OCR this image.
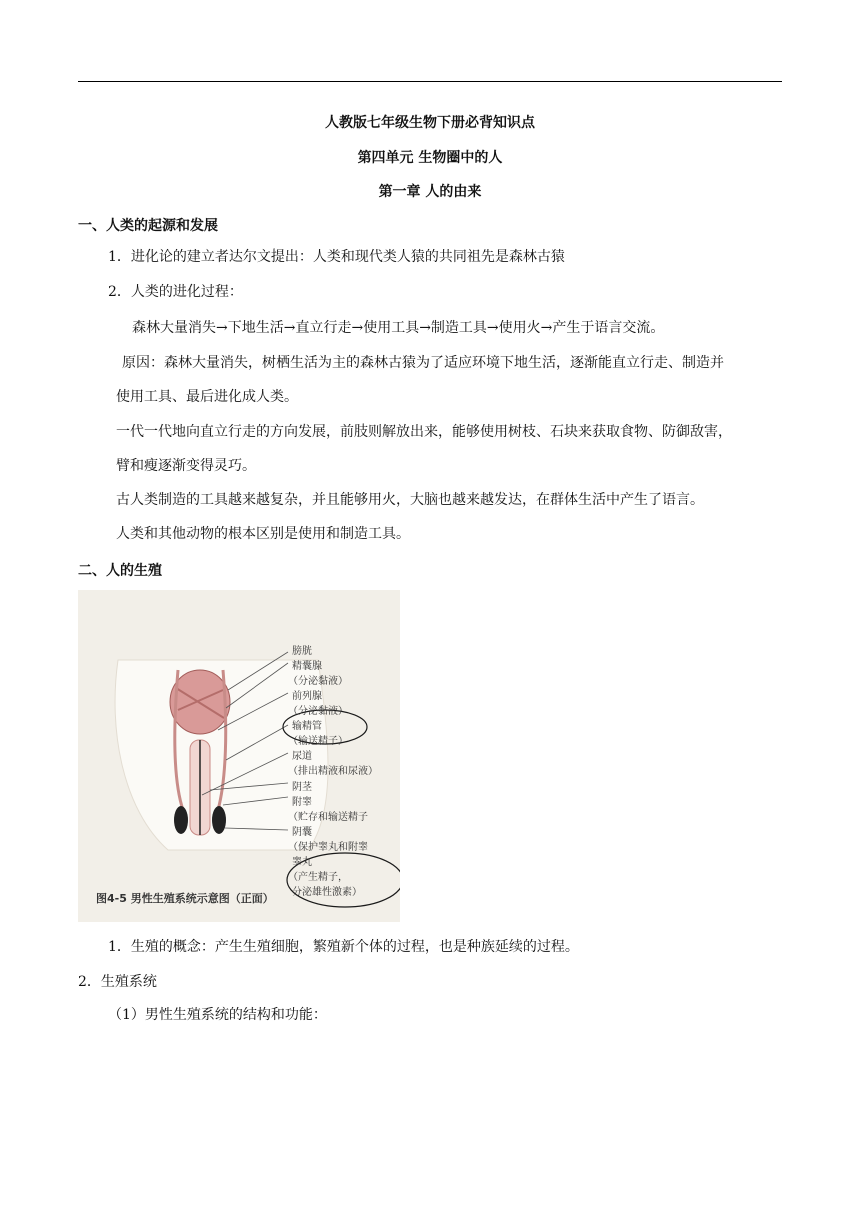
人教版七年级生物下册必背知识点
第四单元 生物圈中的人
第一章 人的由来
一、人类的起源和发展
1．进化论的建立者达尔文提出：人类和现代类人猿的共同祖先是森林古猿
2．人类的进化过程：
森林大量消失→下地生活→直立行走→使用工具→制造工具→使用火→产生于语言交流。
原因：森林大量消失，树栖生活为主的森林古猿为了适应环境下地生活，逐渐能直立行走、制造并
使用工具、最后进化成人类。
一代一代地向直立行走的方向发展，前肢则解放出来，能够使用树枝、石块来获取食物、防御敌害，
臂和瘦逐渐变得灵巧。
古人类制造的工具越来越复杂，并且能够用火，大脑也越来越发达，在群体生活中产生了语言。
人类和其他动物的根本区别是使用和制造工具。
二、人的生殖
膀胱
精囊腺
（分泌黏液）
前列腺
（分泌黏液）
输精管
（输送精子）
尿道
（排出精液和尿液）
阴茎
附睾
（贮存和输送精子
阴囊
（保护睾丸和附睾
睾丸
（产生精子，
分泌雄性激素）
图4-5 男性生殖系统示意图（正面）
1．生殖的概念：产生生殖细胞，繁殖新个体的过程，也是种族延续的过程。
2．生殖系统
（1）男性生殖系统的结构和功能：
